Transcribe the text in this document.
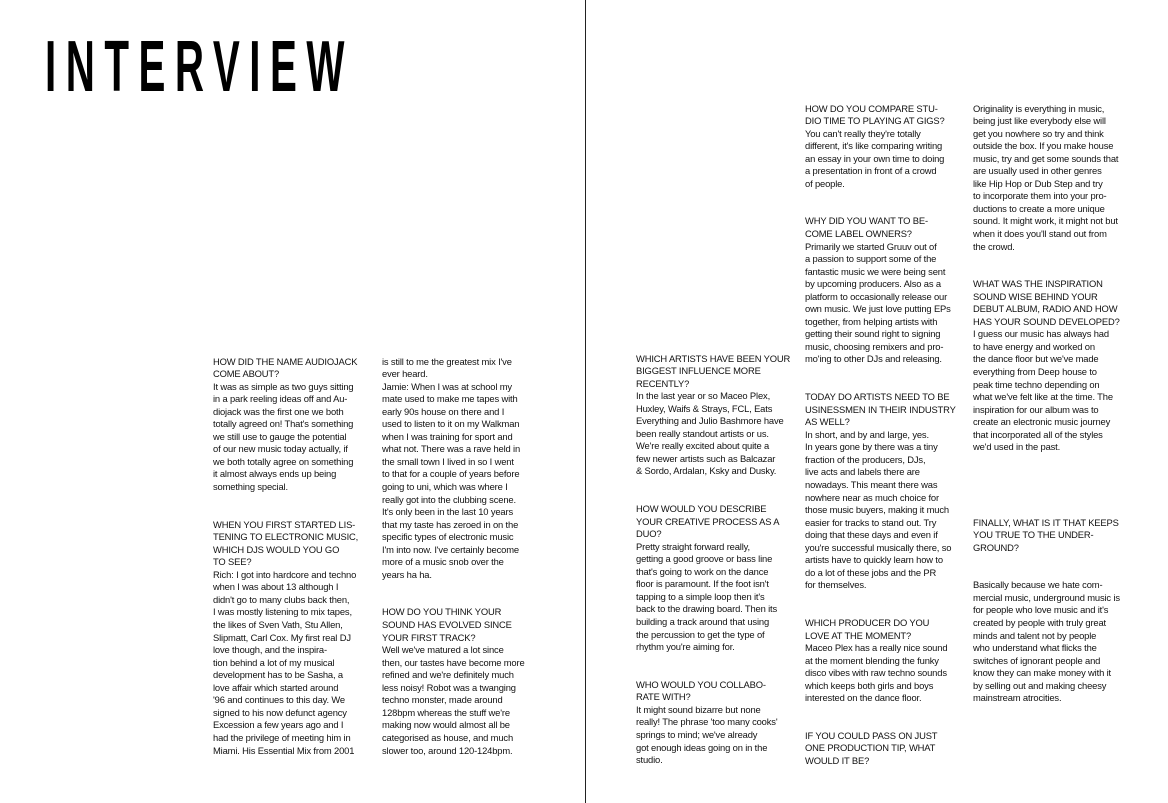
INTERVIEW

HOW DID THE NAME AUDIOJACK
COME ABOUT?
It was as simple as two guys sitting
in a park reeling ideas off and Au-
diojack was the first one we both
totally agreed on! That's something
we still use to gauge the potential
of our new music today actually, if
we both totally agree on something
it almost always ends up being
something special.

WHEN YOU FIRST STARTED LIS-
TENING TO ELECTRONIC MUSIC,
WHICH DJS WOULD YOU GO
TO SEE?
Rich: I got into hardcore and techno
when I was about 13 although I
didn't go to many clubs back then,
I was mostly listening to mix tapes,
the likes of Sven Vath, Stu Allen,
Slipmatt, Carl Cox. My first real DJ
love though, and the inspira-
tion behind a lot of my musical
development has to be Sasha, a
love affair which started around
'96 and continues to this day. We
signed to his now defunct agency
Excession a few years ago and I
had the privilege of meeting him in
Miami. His Essential Mix from 2001

is still to me the greatest mix I've
ever heard.
Jamie: When I was at school my
mate used to make me tapes with
early 90s house on there and I
used to listen to it on my Walkman
when I was training for sport and
what not. There was a rave held in
the small town I lived in so I went
to that for a couple of years before
going to uni, which was where I
really got into the clubbing scene.
It's only been in the last 10 years
that my taste has zeroed in on the
specific types of electronic music
I'm into now. I've certainly become
more of a music snob over the
years ha ha.

HOW DO YOU THINK YOUR
SOUND HAS EVOLVED SINCE
YOUR FIRST TRACK?
Well we've matured a lot since
then, our tastes have become more
refined and we're definitely much
less noisy! Robot was a twanging
techno monster, made around
128bpm whereas the stuff we're
making now would almost all be
categorised as house, and much
slower too, around 120-124bpm.

WHICH ARTISTS HAVE BEEN YOUR
BIGGEST INFLUENCE MORE
RECENTLY?
In the last year or so Maceo Plex,
Huxley, Waifs & Strays, FCL, Eats
Everything and Julio Bashmore have
been really standout artists or us.
We're really excited about quite a
few newer artists such as Balcazar
& Sordo, Ardalan, Ksky and Dusky.

HOW WOULD YOU DESCRIBE
YOUR CREATIVE PROCESS AS A
DUO?
Pretty straight forward really,
getting a good groove or bass line
that's going to work on the dance
floor is paramount. If the foot isn't
tapping to a simple loop then it's
back to the drawing board. Then its
building a track around that using
the percussion to get the type of
rhythm you're aiming for.

WHO WOULD YOU COLLABO-
RATE WITH?
It might sound bizarre but none
really! The phrase 'too many cooks'
springs to mind; we've already
got enough ideas going on in the
studio.

HOW DO YOU COMPARE STU-
DIO TIME TO PLAYING AT GIGS?
You can't really they're totally
different, it's like comparing writing
an essay in your own time to doing
a presentation in front of a crowd
of people.

WHY DID YOU WANT TO BE-
COME LABEL OWNERS?
Primarily we started Gruuv out of
a passion to support some of the
fantastic music we were being sent
by upcoming producers. Also as a
platform to occasionally release our
own music. We just love putting EPs
together, from helping artists with
getting their sound right to signing
music, choosing remixers and pro-
mo'ing to other DJs and releasing.

TODAY DO ARTISTS NEED TO BE
USINESSMEN IN THEIR INDUSTRY
AS WELL?
In short, and by and large, yes.
In years gone by there was a tiny
fraction of the producers, DJs,
live acts and labels there are
nowadays. This meant there was
nowhere near as much choice for
those music buyers, making it much
easier for tracks to stand out. Try
doing that these days and even if
you're successful musically there, so
artists have to quickly learn how to
do a lot of these jobs and the PR
for themselves.

WHICH PRODUCER DO YOU
LOVE AT THE MOMENT?
Maceo Plex has a really nice sound
at the moment blending the funky
disco vibes with raw techno sounds
which keeps both girls and boys
interested on the dance floor.

IF YOU COULD PASS ON JUST
ONE PRODUCTION TIP, WHAT
WOULD IT BE?

Originality is everything in music,
being just like everybody else will
get you nowhere so try and think
outside the box. If you make house
music, try and get some sounds that
are usually used in other genres
like Hip Hop or Dub Step and try
to incorporate them into your pro-
ductions to create a more unique
sound. It might work, it might not but
when it does you'll stand out from
the crowd.

WHAT WAS THE INSPIRATION
SOUND WISE BEHIND YOUR
DEBUT ALBUM, RADIO AND HOW
HAS YOUR SOUND DEVELOPED?
I guess our music has always had
to have energy and worked on
the dance floor but we've made
everything from Deep house to
peak time techno depending on
what we've felt like at the time. The
inspiration for our album was to
create an electronic music journey
that incorporated all of the styles
we'd used in the past.

FINALLY, WHAT IS IT THAT KEEPS
YOU TRUE TO THE UNDER-
GROUND?

Basically because we hate com-
mercial music, underground music is
for people who love music and it's
created by people with truly great
minds and talent not by people
who understand what flicks the
switches of ignorant people and
know they can make money with it
by selling out and making cheesy
mainstream atrocities.
